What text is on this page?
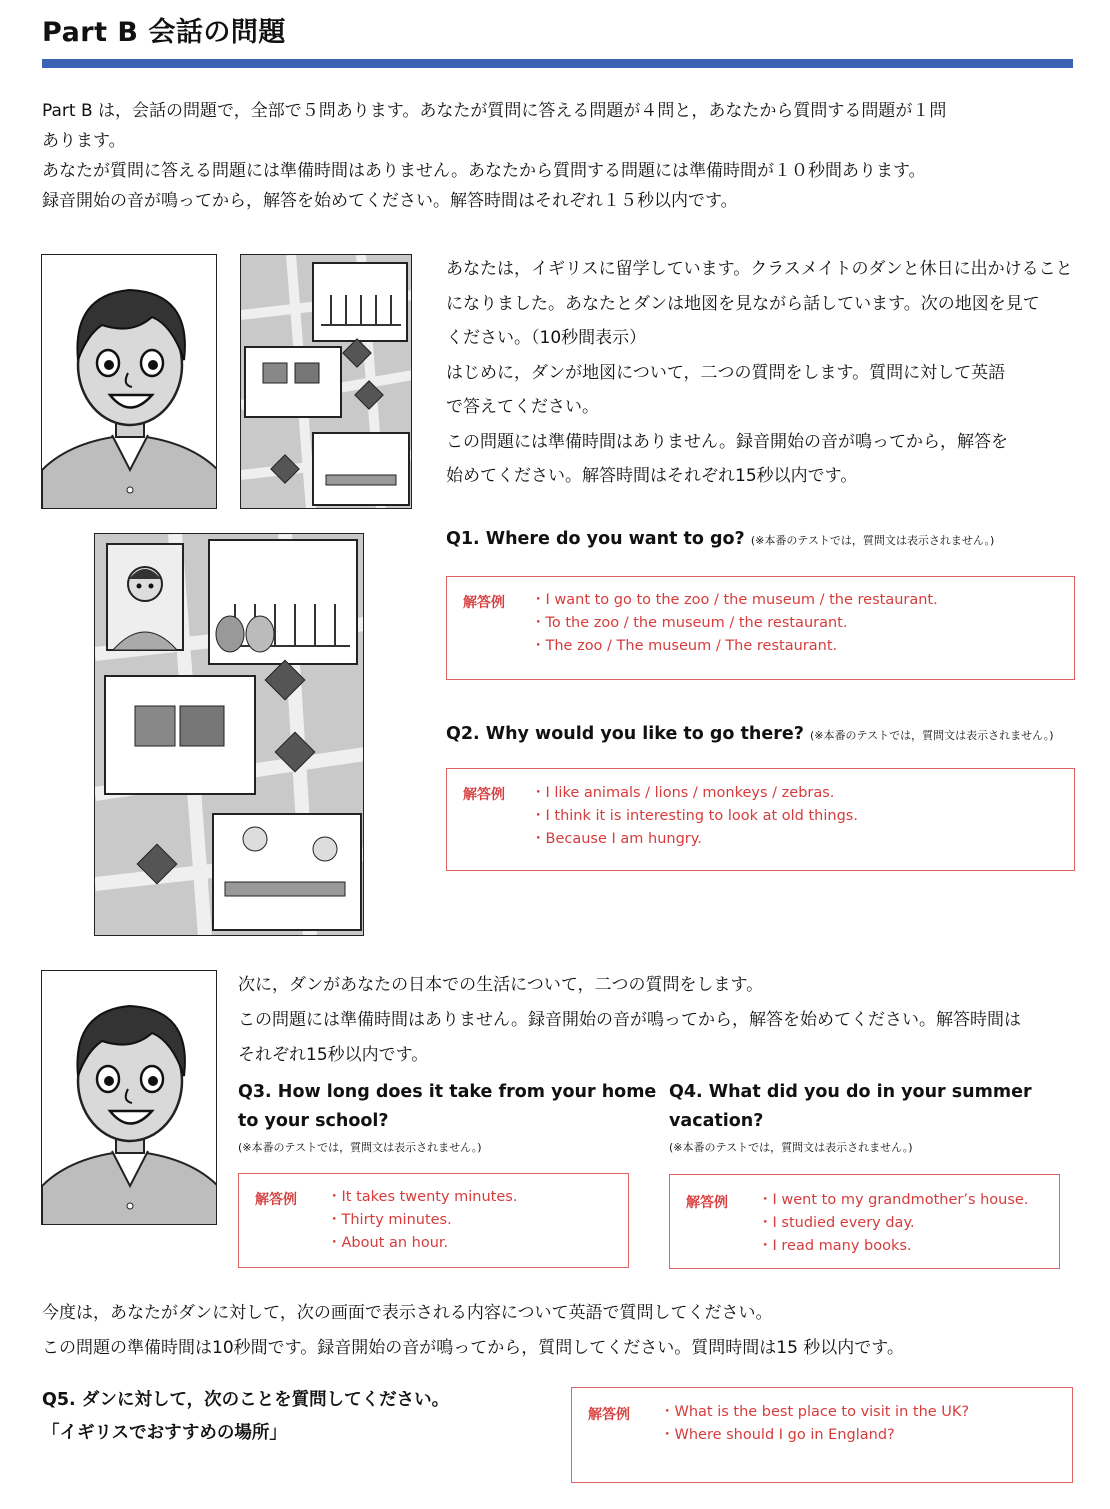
Part B 会話の問題
Part B は，会話の問題で，全部で５問あります。あなたが質問に答える問題が４問と，あなたから質問する問題が１問
あります。
あなたが質問に答える問題には準備時間はありません。あなたから質問する問題には準備時間が１０秒間あります。
録音開始の音が鳴ってから，解答を始めてください。解答時間はそれぞれ１５秒以内です。
あなたは，イギリスに留学しています。クラスメイトのダンと休日に出かけること
になりました。あなたとダンは地図を見ながら話しています。次の地図を見て
ください。（10秒間表示）
はじめに，ダンが地図について，二つの質問をします。質問に対して英語
で答えてください。
この問題には準備時間はありません。録音開始の音が鳴ってから，解答を
始めてください。解答時間はそれぞれ15秒以内です。
Q1. Where do you want to go? (※本番のテストでは，質問文は表示されません。)
解答例	・ I want to go to the zoo / the museum / the restaurant.
・ To the zoo / the museum / the restaurant.
・ The zoo / The museum / The restaurant.
Q2. Why would you like to go there? (※本番のテストでは，質問文は表示されません。)
解答例	・ I like animals / lions / monkeys / zebras.
・ I think it is interesting to look at old things.
・ Because I am hungry.
次に，ダンがあなたの日本での生活について，二つの質問をします。
この問題には準備時間はありません。録音開始の音が鳴ってから，解答を始めてください。解答時間は
それぞれ15秒以内です。
Q3. How long does it take from your home
to your school?
(※本番のテストでは，質問文は表示されません。)
解答例	・ It takes twenty minutes.
・ Thirty minutes.
・ About an hour.
Q4. What did you do in your summer
vacation?
(※本番のテストでは，質問文は表示されません。)
解答例	・ I went to my grandmother’s house.
・ I studied every day.
・ I read many books.
今度は，あなたがダンに対して，次の画面で表示される内容について英語で質問してください。
この問題の準備時間は10秒間です。録音開始の音が鳴ってから，質問してください。質問時間は15 秒以内です。
Q5. ダンに対して，次のことを質問してください。
「イギリスでおすすめの場所」
解答例	・ What is the best place to visit in the UK?
・ Where should I go in England?
